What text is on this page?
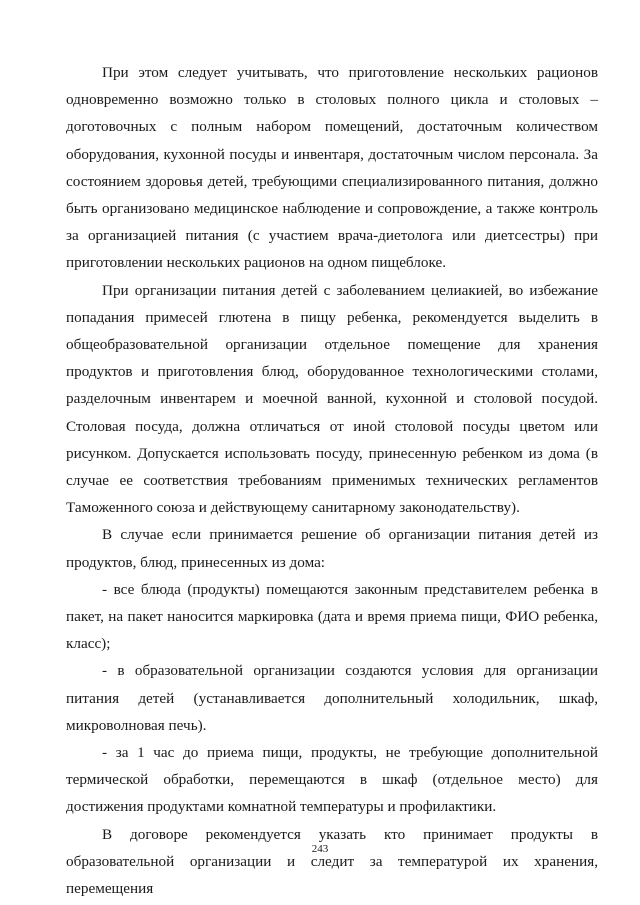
При этом следует учитывать, что приготовление нескольких рационов одновременно возможно только в столовых полного цикла и столовых – доготовочных с полным набором помещений, достаточным количеством оборудования, кухонной посуды и инвентаря, достаточным числом персонала. За состоянием здоровья детей, требующими специализированного питания, должно быть организовано медицинское наблюдение и сопровождение, а также контроль за организацией питания (с участием врача-диетолога или диетсестры) при приготовлении нескольких рационов на одном пищеблоке.

При организации питания детей с заболеванием целиакией, во избежание попадания примесей глютена в пищу ребенка, рекомендуется выделить в общеобразовательной организации отдельное помещение для хранения продуктов и приготовления блюд, оборудованное технологическими столами, разделочным инвентарем и моечной ванной, кухонной и столовой посудой. Столовая посуда, должна отличаться от иной столовой посуды цветом или рисунком. Допускается использовать посуду, принесенную ребенком из дома (в случае ее соответствия требованиям применимых технических регламентов Таможенного союза и действующему санитарному законодательству).

В случае если принимается решение об организации питания детей из продуктов, блюд, принесенных из дома:

- все блюда (продукты) помещаются законным представителем ребенка в пакет, на пакет наносится маркировка (дата и время приема пищи, ФИО ребенка, класс);

- в образовательной организации создаются условия для организации питания детей (устанавливается дополнительный холодильник, шкаф, микроволновая печь).

- за 1 час до приема пищи, продукты, не требующие дополнительной термической обработки, перемещаются в шкаф (отдельное место) для достижения продуктами комнатной температуры и профилактики.

В договоре рекомендуется указать кто принимает продукты в образовательной организации и следит за температурой их хранения, перемещения

243
